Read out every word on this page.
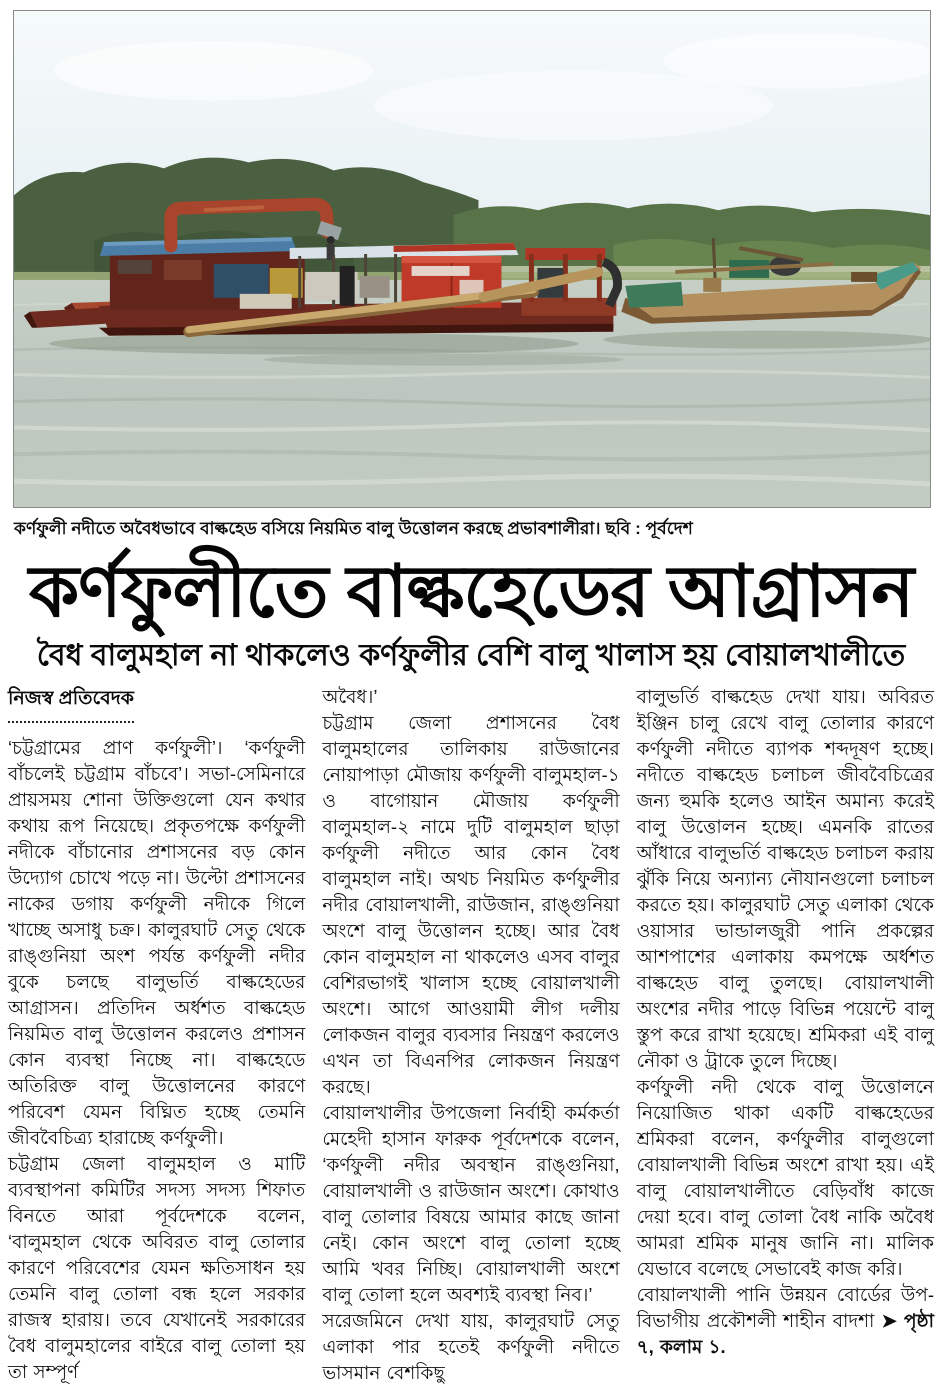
কর্ণফুলী নদীতে অবৈধভাবে বাল্কহেড বসিয়ে নিয়মিত বালু উত্তোলন করছে প্রভাবশালীরা। ছবি : পূর্বদেশ
কর্ণফুলীতে বাল্কহেডের আগ্রাসন
বৈধ বালুমহাল না থাকলেও কর্ণফুলীর বেশি বালু খালাস হয় বোয়ালখালীতে
নিজস্ব প্রতিবেদক

‘চট্টগ্রামের প্রাণ কর্ণফুলী’। ‘কর্ণফুলী বাঁচলেই চট্টগ্রাম বাঁচবে’। সভা-সেমিনারে প্রায়সময় শোনা উক্তিগুলো যেন কথার কথায় রূপ নিয়েছে। প্রকৃতপক্ষে কর্ণফুলী নদীকে বাঁচানোর প্রশাসনের বড় কোন উদ্যোগ চোখে পড়ে না। উল্টো প্রশাসনের নাকের ডগায় কর্ণফুলী নদীকে গিলে খাচ্ছে অসাধু চক্র। কালুরঘাট সেতু থেকে রাঙ্গুনিয়া অংশ পর্যন্ত কর্ণফুলী নদীর বুকে চলছে বালুভর্তি বাল্কহেডের আগ্রাসন। প্রতিদিন অর্ধশত বাল্কহেড নিয়মিত বালু উত্তোলন করলেও প্রশাসন কোন ব্যবস্থা নিচ্ছে না। বাল্কহেডে অতিরিক্ত বালু উত্তোলনের কারণে পরিবেশ যেমন বিঘ্নিত হচ্ছে তেমনি জীববৈচিত্র্য হারাচ্ছে কর্ণফুলী।

চট্টগ্রাম জেলা বালুমহাল ও মাটি ব্যবস্থাপনা কমিটির সদস্য সদস্য শিফাত বিনতে আরা পূর্বদেশকে বলেন, ‘বালুমহাল থেকে অবিরত বালু তোলার কারণে পরিবেশের যেমন ক্ষতিসাধন হয় তেমনি বালু তোলা বন্ধ হলে সরকার রাজস্ব হারায়। তবে যেখানেই সরকারের বৈধ বালুমহালের বাইরে বালু তোলা হয় তা সম্পূর্ণ

অবৈধ।’

চট্টগ্রাম জেলা প্রশাসনের বৈধ বালুমহালের তালিকায় রাউজানের নোয়াপাড়া মৌজায় কর্ণফুলী বালুমহাল-১ ও বাগোয়ান মৌজায় কর্ণফুলী বালুমহাল-২ নামে দুটি বালুমহাল ছাড়া কর্ণফুলী নদীতে আর কোন বৈধ বালুমহাল নাই। অথচ নিয়মিত কর্ণফুলীর নদীর বোয়ালখালী, রাউজান, রাঙ্গুনিয়া অংশে বালু উত্তোলন হচ্ছে। আর বৈধ কোন বালুমহাল না থাকলেও এসব বালুর বেশিরভাগই খালাস হচ্ছে বোয়ালখালী অংশে। আগে আওয়ামী লীগ দলীয় লোকজন বালুর ব্যবসার নিয়ন্ত্রণ করলেও এখন তা বিএনপির লোকজন নিয়ন্ত্রণ করছে।

বোয়ালখালীর উপজেলা নির্বাহী কর্মকর্তা মেহেদী হাসান ফারুক পূর্বদেশকে বলেন, ‘কর্ণফুলী নদীর অবস্থান রাঙ্গুনিয়া, বোয়ালখালী ও রাউজান অংশে। কোথাও বালু তোলার বিষয়ে আমার কাছে জানা নেই। কোন অংশে বালু তোলা হচ্ছে আমি খবর নিচ্ছি। বোয়ালখালী অংশে বালু তোলা হলে অবশ্যই ব্যবস্থা নিব।’

সরেজমিনে দেখা যায়, কালুরঘাট সেতু এলাকা পার হতেই কর্ণফুলী নদীতে ভাসমান বেশকিছু

বালুভর্তি বাল্কহেড দেখা যায়। অবিরত ইঞ্জিন চালু রেখে বালু তোলার কারণে কর্ণফুলী নদীতে ব্যাপক শব্দদূষণ হচ্ছে। নদীতে বাল্কহেড চলাচল জীববৈচিত্রের জন্য হুমকি হলেও আইন অমান্য করেই বালু উত্তোলন হচ্ছে। এমনকি রাতের আঁধারে বালুভর্তি বাল্কহেড চলাচল করায় ঝুঁকি নিয়ে অন্যান্য নৌযানগুলো চলাচল করতে হয়। কালুরঘাট সেতু এলাকা থেকে ওয়াসার ভান্ডালজুরী পানি প্রকল্পের আশপাশের এলাকায় কমপক্ষে অর্ধশত বাল্কহেড বালু তুলছে। বোয়ালখালী অংশের নদীর পাড়ে বিভিন্ন পয়েন্টে বালু স্তুপ করে রাখা হয়েছে। শ্রমিকরা এই বালু নৌকা ও ট্রাকে তুলে দিচ্ছে।

কর্ণফুলী নদী থেকে বালু উত্তোলনে নিয়োজিত থাকা একটি বাল্কহেডের শ্রমিকরা বলেন, কর্ণফুলীর বালুগুলো বোয়ালখালী বিভিন্ন অংশে রাখা হয়। এই বালু বোয়ালখালীতে বেড়িবাঁধ কাজে দেয়া হবে। বালু তোলা বৈধ নাকি অবৈধ আমরা শ্রমিক মানুষ জানি না। মালিক যেভাবে বলেছে সেভাবেই কাজ করি।

বোয়ালখালী পানি উন্নয়ন বোর্ডের উপ-বিভাগীয় প্রকৌশলী শাহীন বাদশা ➤ পৃষ্ঠা ৭, কলাম ১.
